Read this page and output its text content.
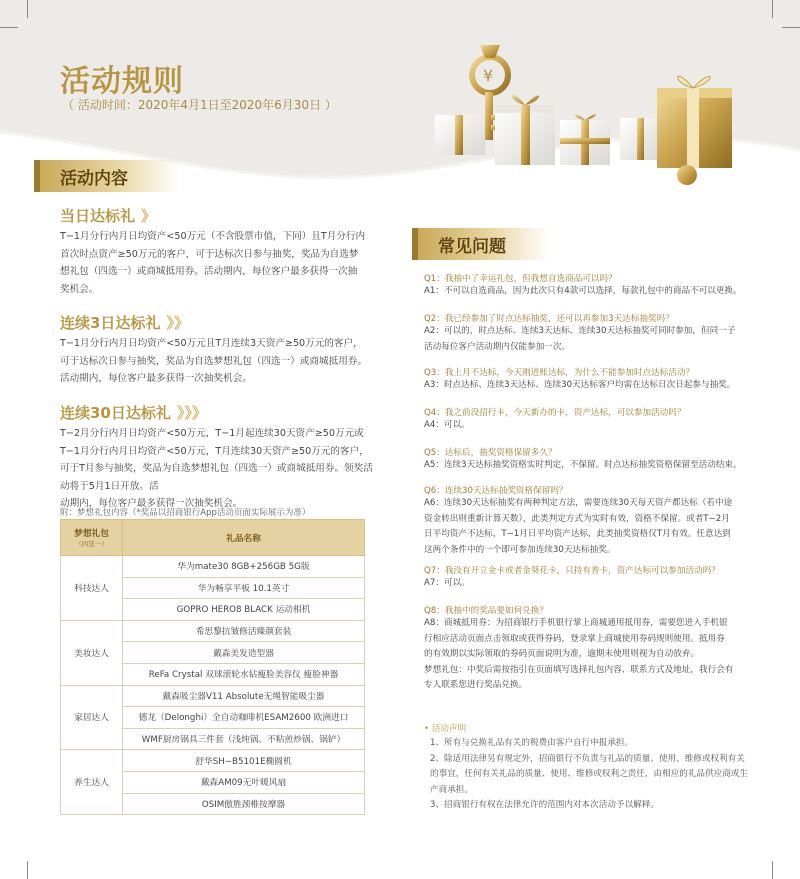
活动规则
（ 活动时间：2020年4月1日至2020年6月30日 ）
¥
活动内容
当日达标礼 》
T−1月分行内月日均资产<50万元（不含股票市值，下同）且T月分行内
首次时点资产≥50万元的客户，可于达标次日参与抽奖，奖品为自选梦
想礼包（四选一）或商城抵用券。活动期内，每位客户最多获得一次抽
奖机会。
连续3日达标礼 》》
T−1月分行内月日均资产<50万元且T月连续3天资产≥50万元的客户，
可于达标次日参与抽奖，奖品为自选梦想礼包（四选一）或商城抵用券。
活动期内，每位客户最多获得一次抽奖机会。
连续30日达标礼 》》》
T−2月分行内月日均资产<50万元，T−1月起连续30天资产≥50万元或
T−1月分行内月日均资产<50万元，T月连续30天资产≥50万元的客户，
可于T月参与抽奖，奖品为自选梦想礼包（四选一）或商城抵用券。领奖活动将于5月1日开放。活
动期内，每位客户最多获得一次抽奖机会。
附：梦想礼包内容（*奖品以招商银行App活动页面实际展示为准）
梦想礼包
（四选一）	礼品名称
科技达人	华为mate30 8GB+256GB 5G版
	华为畅享平板 10.1英寸
	GOPRO HERO8 BLACK 运动相机
美妆达人	希思黎抗皱修活臻颜套装
	戴森美发造型器
	ReFa Crystal 双球滚轮水钻瘦脸美容仪 瘦脸神器
家居达人	戴森吸尘器V11 Absolute无绳智能吸尘器
	德龙（Delonghi）全自动咖啡机ESAM2600 欧洲进口
	WMF厨房锅具三件套（浅炖锅、不粘煎炒锅、锅铲）
养生达人	舒华SH−B5101E椭圆机
	戴森AM09无叶暖风扇
	OSIM傲胜颈椎按摩器
常见问题
Q1：我抽中了幸运礼包，但我想自选商品可以吗？
A1：不可以自选商品，因为此次只有4款可以选择，每款礼包中的商品不可以更换。
Q2：我已经参加了时点达标抽奖，还可以再参加3天达标抽奖吗？
A2：可以的，时点达标、连续3天达标、连续30天达标抽奖可同时参加，但同一子
活动每位客户活动期内仅能参加一次。
Q3：我上月不达标，今天刚进账达标，为什么不能参加时点达标活动？
A3：时点达标、连续3天达标、连续30天达标客户均需在达标日次日起参与抽奖。
Q4：我之前没招行卡，今天新办的卡，资产达标，可以参加活动吗？
A4：可以。
Q5：达标后，抽奖资格保留多久？
A5：连续3天达标抽奖资格实时判定，不保留。时点达标抽奖资格保留至活动结束。
Q6：连续30天达标抽奖资格保留吗？
A6：连续30天达标抽奖有两种判定方法，需要连续30天每天资产都达标（若中途
资金转出则重新计算天数），此类判定方式为实时有效，资格不保留。或者T−2月
日平均资产不达标，T−1月日平均资产达标，此类抽奖资格仅T月有效。任意达到
这两个条件中的一个即可参加连续30天达标抽奖。
Q7：我没有开立金卡或者金葵花卡，只持有普卡，资产达标可以参加活动吗？
A7：可以。
Q8：我抽中的奖品要如何兑换？
A8：商城抵用券：为招商银行手机银行掌上商城通用抵用券，需要您进入手机银
行相应活动页面点击领取或获得券码，登录掌上商城使用券码规则使用。抵用券
的有效期以实际领取的券码页面说明为准，逾期未使用则视为自动放弃。
梦想礼包：中奖后需按指引在页面填写选择礼包内容、联系方式及地址，我行会有
专人联系您进行奖品兑换。
• 活动声明
1、所有与兑换礼品有关的税费由客户自行申报承担。
2、除适用法律另有规定外，招商银行不负责与礼品的质量、使用、维修或权利有关
的事宜，任何有关礼品的质量、使用、维修或权利之责任，由相应的礼品供应商或生
产商承担。
3、招商银行有权在法律允许的范围内对本次活动予以解释。
